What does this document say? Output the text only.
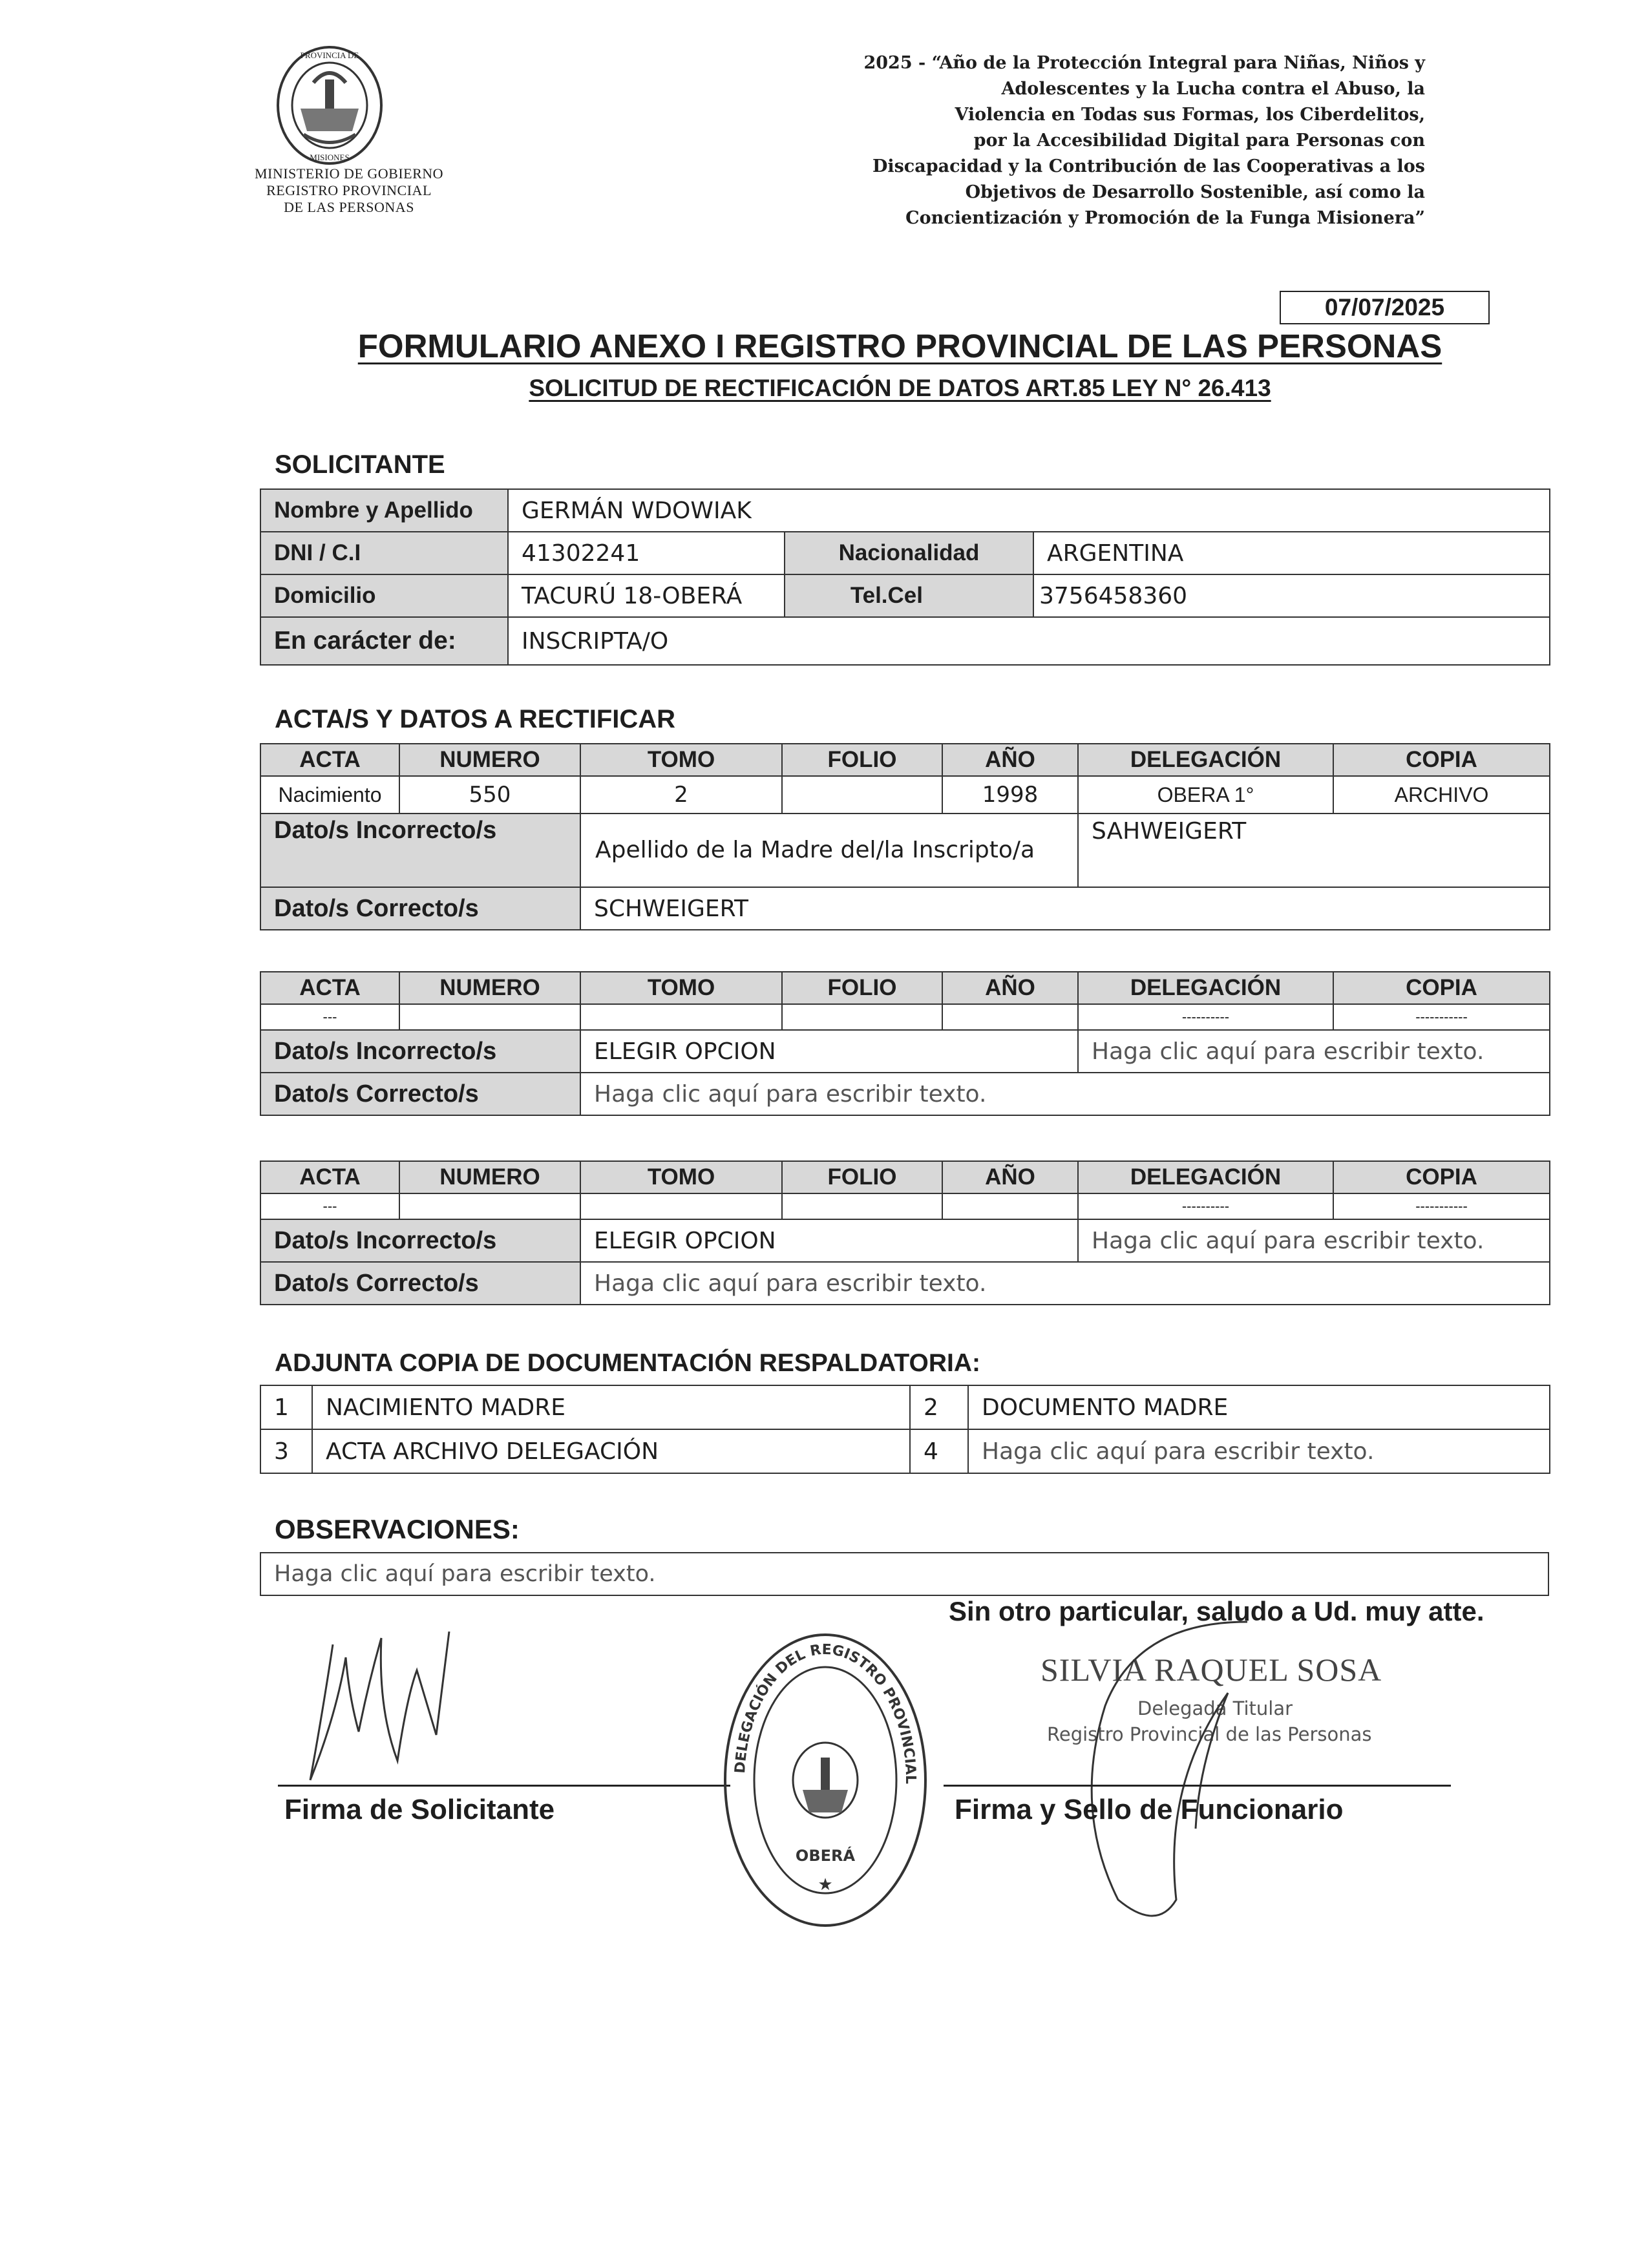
PROVINCIA DE
MISIONES
MINISTERIO DE GOBIERNO
REGISTRO PROVINCIAL
DE LAS PERSONAS
2025 - “Año de la Protección Integral para Niñas, Niños y
Adolescentes y la Lucha contra el Abuso, la
Violencia en Todas sus Formas, los Ciberdelitos,
por la Accesibilidad Digital para Personas con
Discapacidad y la Contribución de las Cooperativas a los
Objetivos de Desarrollo Sostenible, así como la
Concientización y Promoción de la Funga Misionera”
07/07/2025
FORMULARIO ANEXO I REGISTRO PROVINCIAL DE LAS PERSONAS
SOLICITUD DE RECTIFICACIÓN DE DATOS ART.85 LEY N° 26.413
SOLICITANTE
Nombre y Apellido	GERMÁN WDOWIAK		
DNI / C.I	41302241	Nacionalidad	ARGENTINA
Domicilio	TACURÚ 18-OBERÁ	Tel.Cel	3756458360
En carácter de:	INSCRIPTA/O		
ACTA/S Y DATOS A RECTIFICAR
ACTA	NUMERO	TOMO	FOLIO	AÑO	DELEGACIÓN	COPIA
Nacimiento	550	2		1998	OBERA 1°	ARCHIVO
Dato/s Incorrecto/s		Apellido de la Madre del/la Inscripto/a			SAHWEIGERT	
Dato/s Correcto/s		SCHWEIGERT				
ACTA	NUMERO	TOMO	FOLIO	AÑO	DELEGACIÓN	COPIA
---					----------	-----------
Dato/s Incorrecto/s		ELEGIR OPCION			Haga clic aquí para escribir texto.	
Dato/s Correcto/s		Haga clic aquí para escribir texto.				
ACTA	NUMERO	TOMO	FOLIO	AÑO	DELEGACIÓN	COPIA
---					----------	-----------
Dato/s Incorrecto/s		ELEGIR OPCION			Haga clic aquí para escribir texto.	
Dato/s Correcto/s		Haga clic aquí para escribir texto.				
ADJUNTA COPIA DE DOCUMENTACIÓN RESPALDATORIA:
1	NACIMIENTO MADRE	2	DOCUMENTO MADRE
3	ACTA ARCHIVO DELEGACIÓN	4	Haga clic aquí para escribir texto.
OBSERVACIONES:
Haga clic aquí para escribir texto.
Sin otro particular, saludo a Ud. muy atte.
Firma de Solicitante
DELEGACIÓN DEL REGISTRO PROVINCIAL
OBERÁ
★
SILVIA RAQUEL SOSA
Delegada Titular
Registro Provincial de las Personas
Firma y Sello de Funcionario
